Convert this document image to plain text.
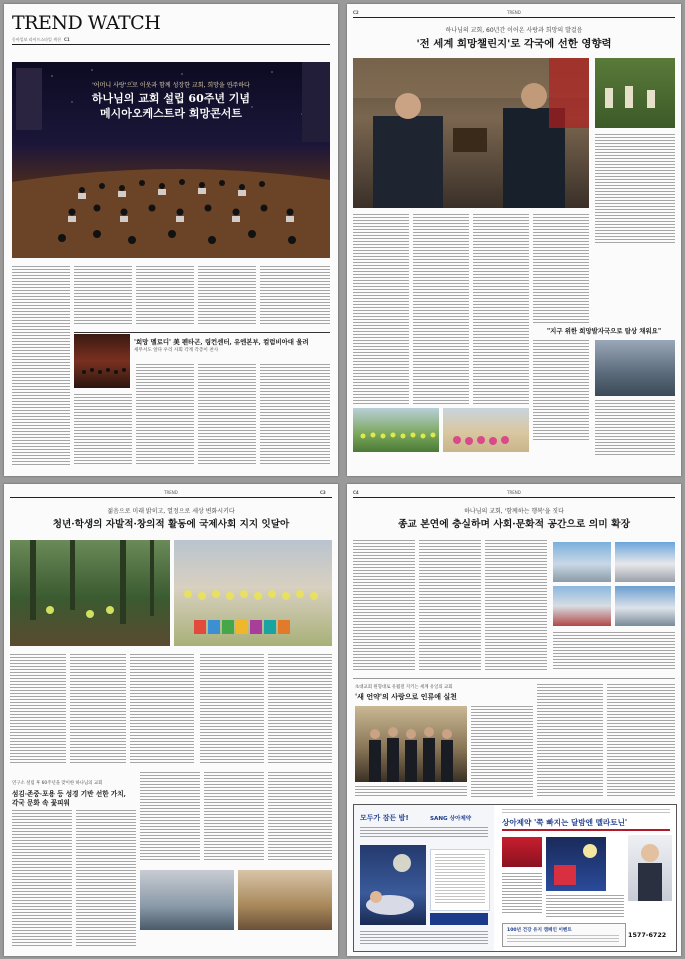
TREND WATCH
동아일보 라이프스타일 섹션 C1
'어머니 사랑'으로 이웃과 함께 성장한 교회, 희망을 연주하다
하나님의 교회 설립 60주년 기념
메시아오케스트라 희망콘서트
'희망 멜로디' 美 펜타곤, 링컨센터, 유엔본부, 컬럼비아대 울려
세무서도 앞다 우리 사회 각계 각층이 찬사
C2	TREND
하나님의 교회, 60년간 이어온 사랑과 희망의 발걸음
'전 세계 희망챌린지'로 각국에 선한 영향력
"지구 위한 희망발자국으로 탐상 채워요"
TREND	C3
젊음으로 미래 밝히고, 열정으로 세상 변화시키다
청년·학생의 자발적·창의적 활동에 국제사회 지지 잇달아
연구소 설립 후 60주년을 맞이한 하나님의 교회
섬김·존중·포용 등 성경 기반 선한 가치,
각국 문화 속 꽃피워
C4	TREND
하나님의 교회, '함께하는 행복'을 짓다
종교 본연에 충실하며 사회·문화적 공간으로 의미 확장
초대교회 원형대로 유월절 지키는 세계 유일의 교회
'새 언약'의 사랑으로 인류애 실천
모두가 잠든 밤!	SANG 상아제약	상아제약 '쭉 빠지는 달밤엔 멜라토닌'
100년 건강 유지 캠페인 이벤트
1577-6722
